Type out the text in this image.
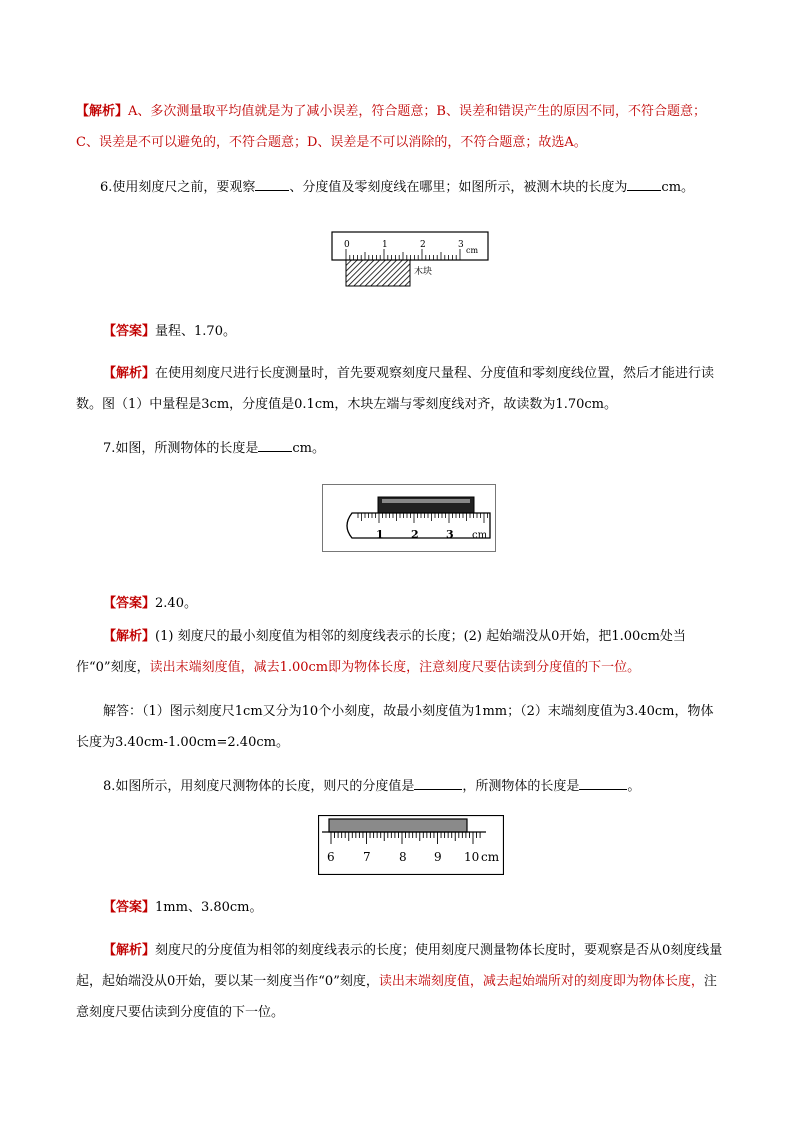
【解析】A、多次测量取平均值就是为了减小误差，符合题意；B、误差和错误产生的原因不同，不符合题意；C、误差是不可以避免的，不符合题意；D、误差是不可以消除的，不符合题意；故选A。
6.使用刻度尺之前，要观察	、分度值及零刻度线在哪里；如图所示，被测木块的长度为	cm。
0	1	2	3
cm
木块
【答案】量程、1.70。
【解析】在使用刻度尺进行长度测量时，首先要观察刻度尺量程、分度值和零刻度线位置，然后才能进行读数。图（1）中量程是3cm，分度值是0.1cm，木块左端与零刻度线对齐，故读数为1.70cm。
7.如图，所测物体的长度是	cm。
1 2 3 cm
【答案】2.40。
【解析】(1) 刻度尺的最小刻度值为相邻的刻度线表示的长度；(2) 起始端没从0开始，把1.00cm处当作“0”刻度，读出末端刻度值，减去1.00cm即为物体长度，注意刻度尺要估读到分度值的下一位。
解答：（1）图示刻度尺1cm又分为10个小刻度，故最小刻度值为1mm；（2）末端刻度值为3.40cm，物体长度为3.40cm-1.00cm=2.40cm。
8.如图所示，用刻度尺测物体的长度，则尺的分度值是	，所测物体的长度是	。
6 7 8 9 10 cm
【答案】1mm、3.80cm。
【解析】刻度尺的分度值为相邻的刻度线表示的长度；使用刻度尺测量物体长度时，要观察是否从0刻度线量起，起始端没从0开始，要以某一刻度当作“0”刻度，读出末端刻度值，减去起始端所对的刻度即为物体长度，注意刻度尺要估读到分度值的下一位。
